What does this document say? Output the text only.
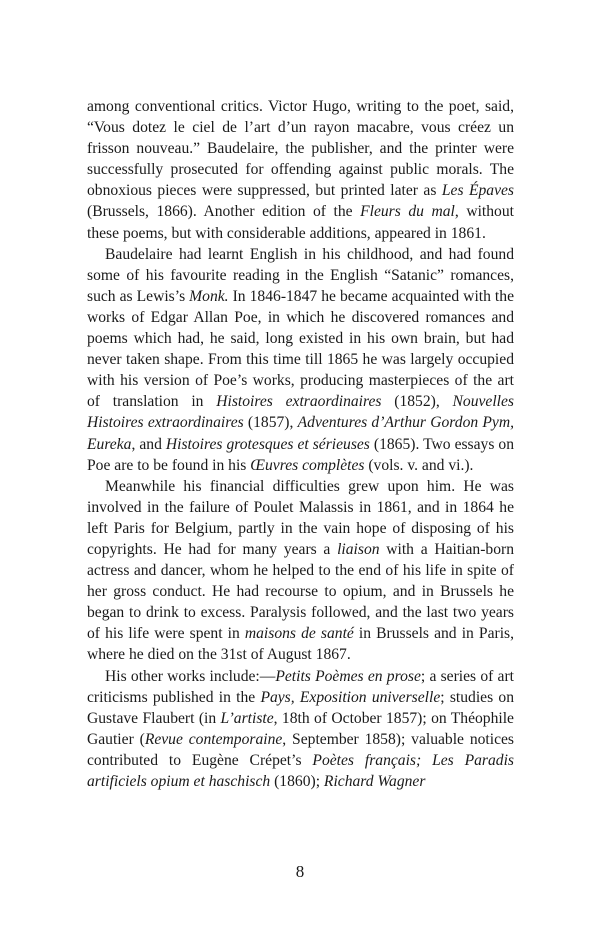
among conventional critics. Victor Hugo, writing to the poet, said, “Vous dotez le ciel de l’art d’un rayon macabre, vous créez un frisson nouveau.” Baudelaire, the publisher, and the printer were successfully prosecuted for offending against public morals. The obnoxious pieces were suppressed, but printed later as Les Épaves (Brussels, 1866). Another edition of the Fleurs du mal, without these poems, but with considerable additions, appeared in 1861.

Baudelaire had learnt English in his childhood, and had found some of his favourite reading in the English “Satanic” romances, such as Lewis’s Monk. In 1846-1847 he became acquainted with the works of Edgar Allan Poe, in which he discovered romances and poems which had, he said, long existed in his own brain, but had never taken shape. From this time till 1865 he was largely occupied with his version of Poe’s works, producing masterpieces of the art of translation in Histoires extraordinaires (1852), Nouvelles Histoires extraordinaires (1857), Adventures d’Arthur Gordon Pym, Eureka, and Histoires grotesques et sérieuses (1865). Two essays on Poe are to be found in his Œuvres complètes (vols. v. and vi.).

Meanwhile his financial difficulties grew upon him. He was involved in the failure of Poulet Malassis in 1861, and in 1864 he left Paris for Belgium, partly in the vain hope of disposing of his copyrights. He had for many years a liaison with a Haitian-born actress and dancer, whom he helped to the end of his life in spite of her gross conduct. He had recourse to opium, and in Brussels he began to drink to excess. Paralysis followed, and the last two years of his life were spent in maisons de santé in Brussels and in Paris, where he died on the 31st of August 1867.

His other works include:—Petits Poèmes en prose; a series of art criticisms published in the Pays, Exposition universelle; studies on Gustave Flaubert (in L’artiste, 18th of October 1857); on Théophile Gautier (Revue contemporaine, September 1858); valuable notices contributed to Eugène Crépet’s Poètes français; Les Paradis artificiels opium et haschisch (1860); Richard Wagner

8
